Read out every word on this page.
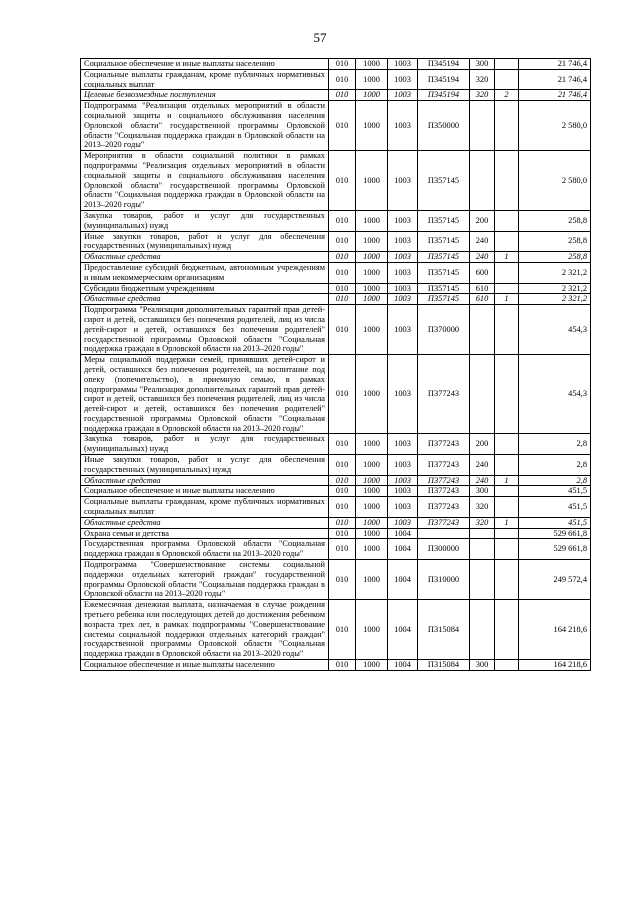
57
Социальное обеспечение и иные выплаты населению	010	1000	1003	П345194	300		21 746,4
Социальные выплаты гражданам, кроме публичных нормативных социальных выплат	010	1000	1003	П345194	320		21 746,4
Целевые безвозмездные поступления	010	1000	1003	П345194	320	2	21 746,4
Подпрограмма "Реализация отдельных мероприятий в области социальной защиты и социального обслуживания населения Орловской области" государственной программы Орловской области "Социальная поддержка граждан в Орловской области на 2013–2020 годы"	010	1000	1003	П350000			2 580,0
Мероприятия в области социальной политики в рамках подпрограммы "Реализация отдельных мероприятий в области социальной защиты и социального обслуживания населения Орловской области" государственной программы Орловской области "Социальная поддержка граждан в Орловской области на 2013–2020 годы"	010	1000	1003	П357145			2 580,0
Закупка товаров, работ и услуг для государственных (муниципальных) нужд	010	1000	1003	П357145	200		258,8
Иные закупки товаров, работ и услуг для обеспечения государственных (муниципальных) нужд	010	1000	1003	П357145	240		258,8
Областные средства	010	1000	1003	П357145	240	1	258,8
Предоставление субсидий бюджетным, автономным учреждениям и иным некоммерческим организациям	010	1000	1003	П357145	600		2 321,2
Субсидии бюджетным учреждениям	010	1000	1003	П357145	610		2 321,2
Областные средства	010	1000	1003	П357145	610	1	2 321,2
Подпрограмма "Реализация дополнительных гарантий прав детей-сирот и детей, оставшихся без попечения родителей, лиц из числа детей-сирот и детей, оставшихся без попечения родителей" государственной программы Орловской области "Социальная поддержка граждан в Орловской области на 2013–2020 годы"	010	1000	1003	П370000			454,3
Меры социальной поддержки семей, принявших детей-сирот и детей, оставшихся без попечения родителей, на воспитание под опеку (попечительство), в приемную семью, в рамках подпрограммы "Реализация дополнительных гарантий прав детей-сирот и детей, оставшихся без попечения родителей, лиц из числа детей-сирот и детей, оставшихся без попечения родителей" государственной программы Орловской области "Социальная поддержка граждан в Орловской области на 2013–2020 годы"	010	1000	1003	П377243			454,3
Закупка товаров, работ и услуг для государственных (муниципальных) нужд	010	1000	1003	П377243	200		2,8
Иные закупки товаров, работ и услуг для обеспечения государственных (муниципальных) нужд	010	1000	1003	П377243	240		2,8
Областные средства	010	1000	1003	П377243	240	1	2,8
Социальное обеспечение и иные выплаты населению	010	1000	1003	П377243	300		451,5
Социальные выплаты гражданам, кроме публичных нормативных социальных выплат	010	1000	1003	П377243	320		451,5
Областные средства	010	1000	1003	П377243	320	1	451,5
Охрана семьи и детства	010	1000	1004				529 661,8
Государственная программа Орловской области "Социальная поддержка граждан в Орловской области на 2013–2020 годы"	010	1000	1004	П300000			529 661,8
Подпрограмма "Совершенствование системы социальной поддержки отдельных категорий граждан" государственной программы Орловской области "Социальная поддержка граждан в Орловской области на 2013–2020 годы"	010	1000	1004	П310000			249 572,4
Ежемесячная денежная выплата, назначаемая в случае рождения третьего ребенка или последующих детей до достижения ребенком возраста трех лет, в рамках подпрограммы "Совершенствование системы социальной поддержки отдельных категорий граждан" государственной программы Орловской области "Социальная поддержка граждан в Орловской области на 2013–2020 годы"	010	1000	1004	П315084			164 218,6
Социальное обеспечение и иные выплаты населению	010	1000	1004	П315084	300		164 218,6
